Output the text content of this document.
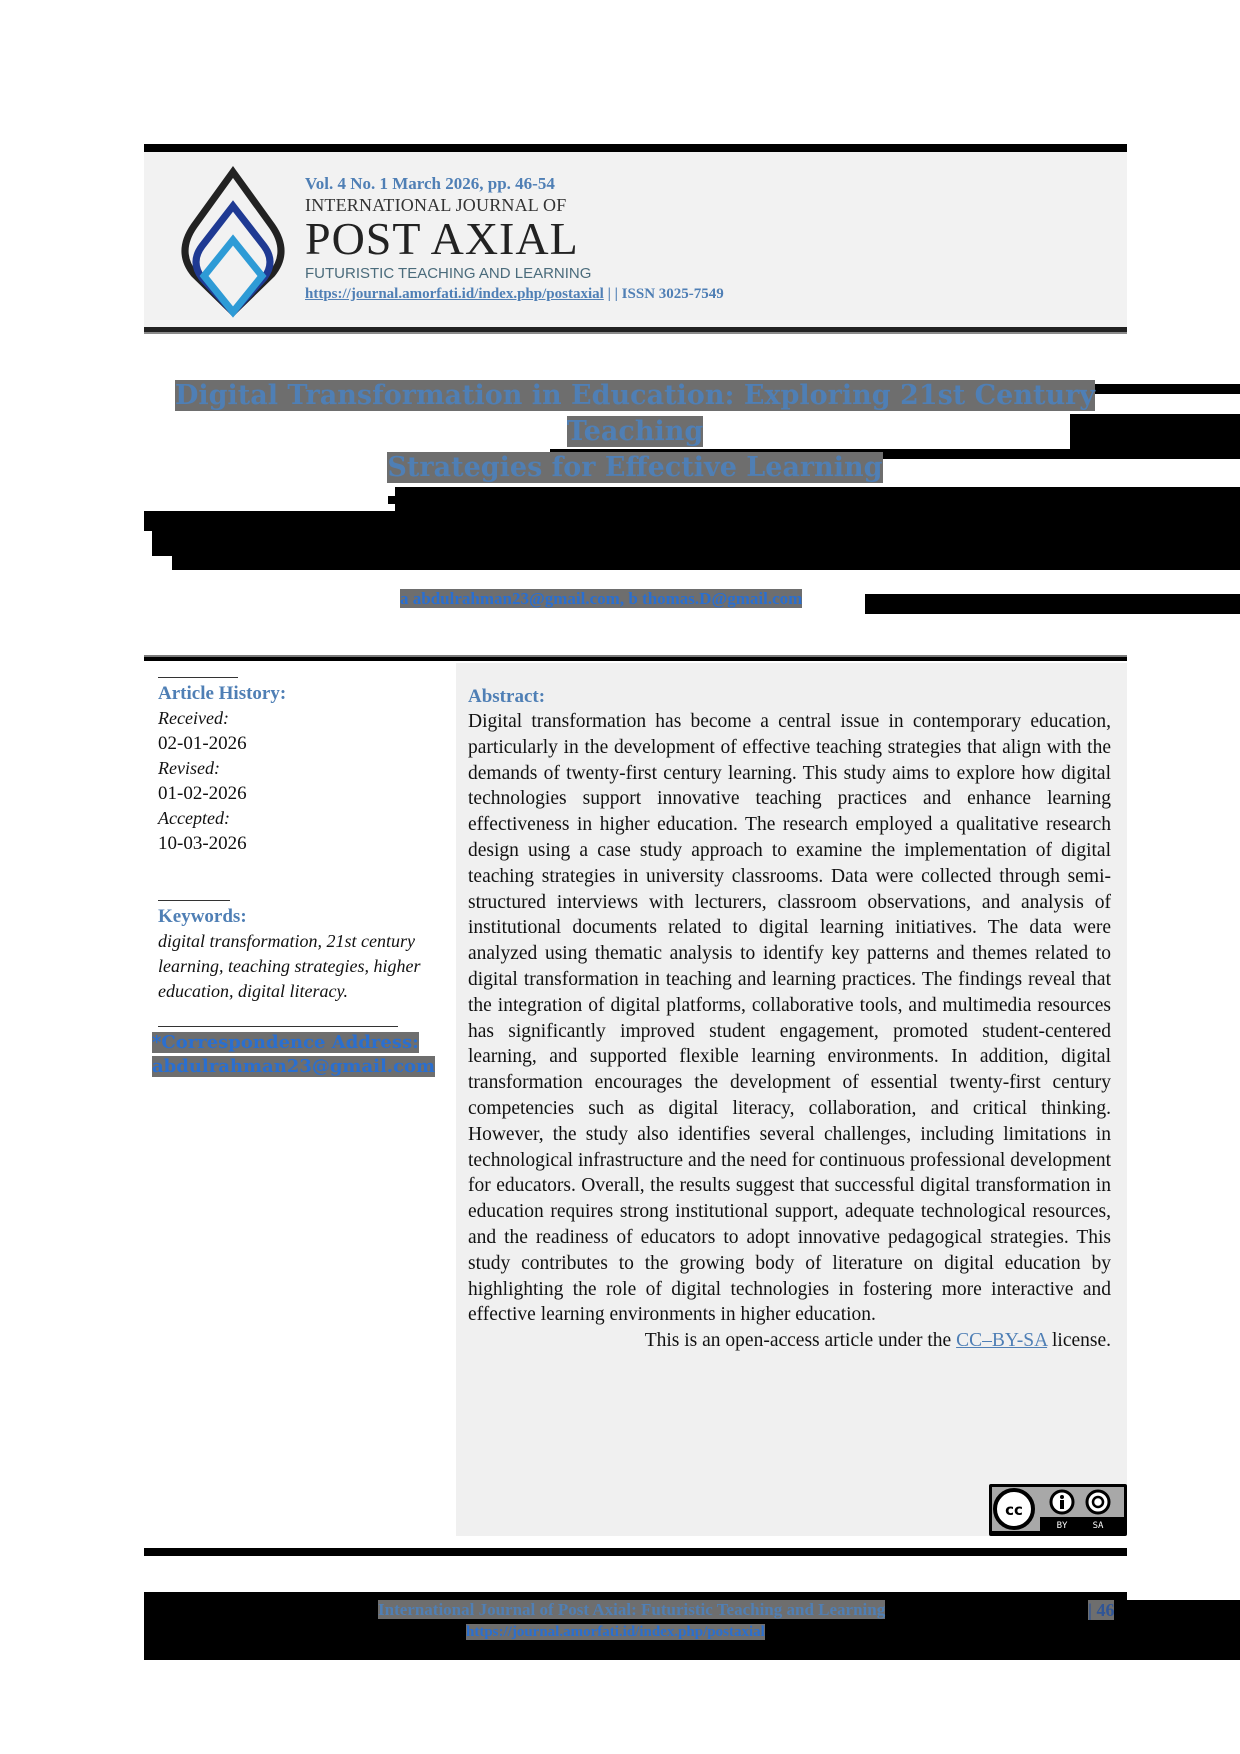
Vol. 4 No. 1 March 2026, pp. 46-54
INTERNATIONAL JOURNAL OF
POST AXIAL
FUTURISTIC TEACHING AND LEARNING
https://journal.amorfati.id/index.php/postaxial | | ISSN 3025-7549
Digital Transformation in Education: Exploring 21st Century Teaching
Strategies for Effective Learning
a abdulrahman23@gmail.com, b thomas.D@gmail.com
Article History:
Received:
02-01-2026
Revised:
01-02-2026
Accepted:
10-03-2026
Keywords:
digital transformation, 21st century learning, teaching strategies, higher education, digital literacy.
*Correspondence Address:
abdulrahman23@gmail.com
Abstract:
Digital transformation has become a central issue in contemporary education, particularly in the development of effective teaching strategies that align with the demands of twenty-first century learning. This study aims to explore how digital technologies support innovative teaching practices and enhance learning effectiveness in higher education. The research employed a qualitative research design using a case study approach to examine the implementation of digital teaching strategies in university classrooms. Data were collected through semi-structured interviews with lecturers, classroom observations, and analysis of institutional documents related to digital learning initiatives. The data were analyzed using thematic analysis to identify key patterns and themes related to digital transformation in teaching and learning practices. The findings reveal that the integration of digital platforms, collaborative tools, and multimedia resources has significantly improved student engagement, promoted student-centered learning, and supported flexible learning environments. In addition, digital transformation encourages the development of essential twenty-first century competencies such as digital literacy, collaboration, and critical thinking. However, the study also identifies several challenges, including limitations in technological infrastructure and the need for continuous professional development for educators. Overall, the results suggest that successful digital transformation in education requires strong institutional support, adequate technological resources, and the readiness of educators to adopt innovative pedagogical strategies. This study contributes to the growing body of literature on digital education by highlighting the role of digital technologies in fostering more interactive and effective learning environments in higher education.
This is an open-access article under the CC–BY-SA license.
cc
BY	SA
International Journal of Post Axial: Futuristic Teaching and Learning
https://journal.amorfati.id/index.php/postaxial
| 46
